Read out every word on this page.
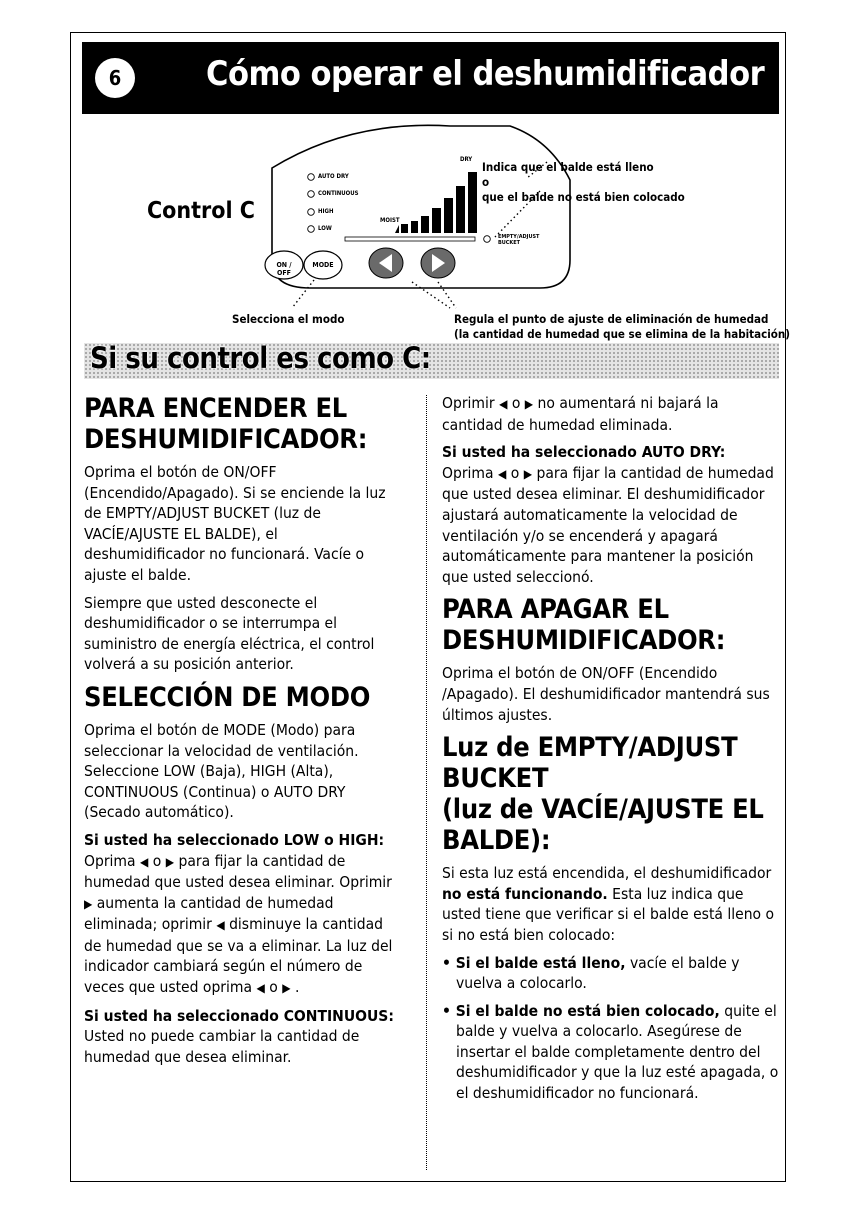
6	Cómo operar el deshumidificador
AUTO DRY
CONTINUOUS
HIGH
LOW
DRY
MOIST
EMPTY/ADJUST BUCKET
ON / OFF
MODE
Control C
Indica que el balde está lleno
o
que el balde no está bien colocado
Selecciona el modo	Regula el punto de ajuste de eliminación de humedad
(la cantidad de humedad que se elimina de la habitación)
Si su control es como C:
PARA ENCENDER EL DESHUMIDIFICADOR:

Oprima el botón de ON/OFF (Encendido/Apagado). Si se enciende la luz de EMPTY/ADJUST BUCKET (luz de VACÍE/AJUSTE EL BALDE), el deshumidificador no funcionará. Vacíe o ajuste el balde.

Siempre que usted desconecte el deshumidificador o se interrumpa el suministro de energía eléctrica, el control volverá a su posición anterior.

SELECCIÓN DE MODO

Oprima el botón de MODE (Modo) para seleccionar la velocidad de ventilación. Seleccione LOW (Baja), HIGH (Alta), CONTINUOUS (Continua) o AUTO DRY (Secado automático).

Si usted ha seleccionado LOW o HIGH:

Oprima ◀ o ▶ para fijar la cantidad de humedad que usted desea eliminar. Oprimir ▶ aumenta la cantidad de humedad eliminada; oprimir ◀ disminuye la cantidad de humedad que se va a eliminar. La luz del indicador cambiará según el número de veces que usted oprima ◀ o ▶ .

Si usted ha seleccionado CONTINUOUS:

Usted no puede cambiar la cantidad de humedad que desea eliminar.

Oprimir ◀ o ▶ no aumentará ni bajará la cantidad de humedad eliminada.

Si usted ha seleccionado AUTO DRY:

Oprima ◀ o ▶ para fijar la cantidad de humedad que usted desea eliminar. El deshumidificador ajustará automaticamente la velocidad de ventilación y/o se encenderá y apagará automáticamente para mantener la posición que usted seleccionó.

PARA APAGAR EL DESHUMIDIFICADOR:

Oprima el botón de ON/OFF (Encendido /Apagado). El deshumidificador mantendrá sus últimos ajustes.

Luz de EMPTY/ADJUST BUCKET
(luz de VACÍE/AJUSTE EL BALDE):

Si esta luz está encendida, el deshumidificador no está funcionando. Esta luz indica que usted tiene que verificar si el balde está lleno o si no está bien colocado:

• Si el balde está lleno, vacíe el balde y vuelva a colocarlo.

• Si el balde no está bien colocado, quite el balde y vuelva a colocarlo. Asegúrese de insertar el balde completamente dentro del deshumidificador y que la luz esté apagada, o el deshumidificador no funcionará.
